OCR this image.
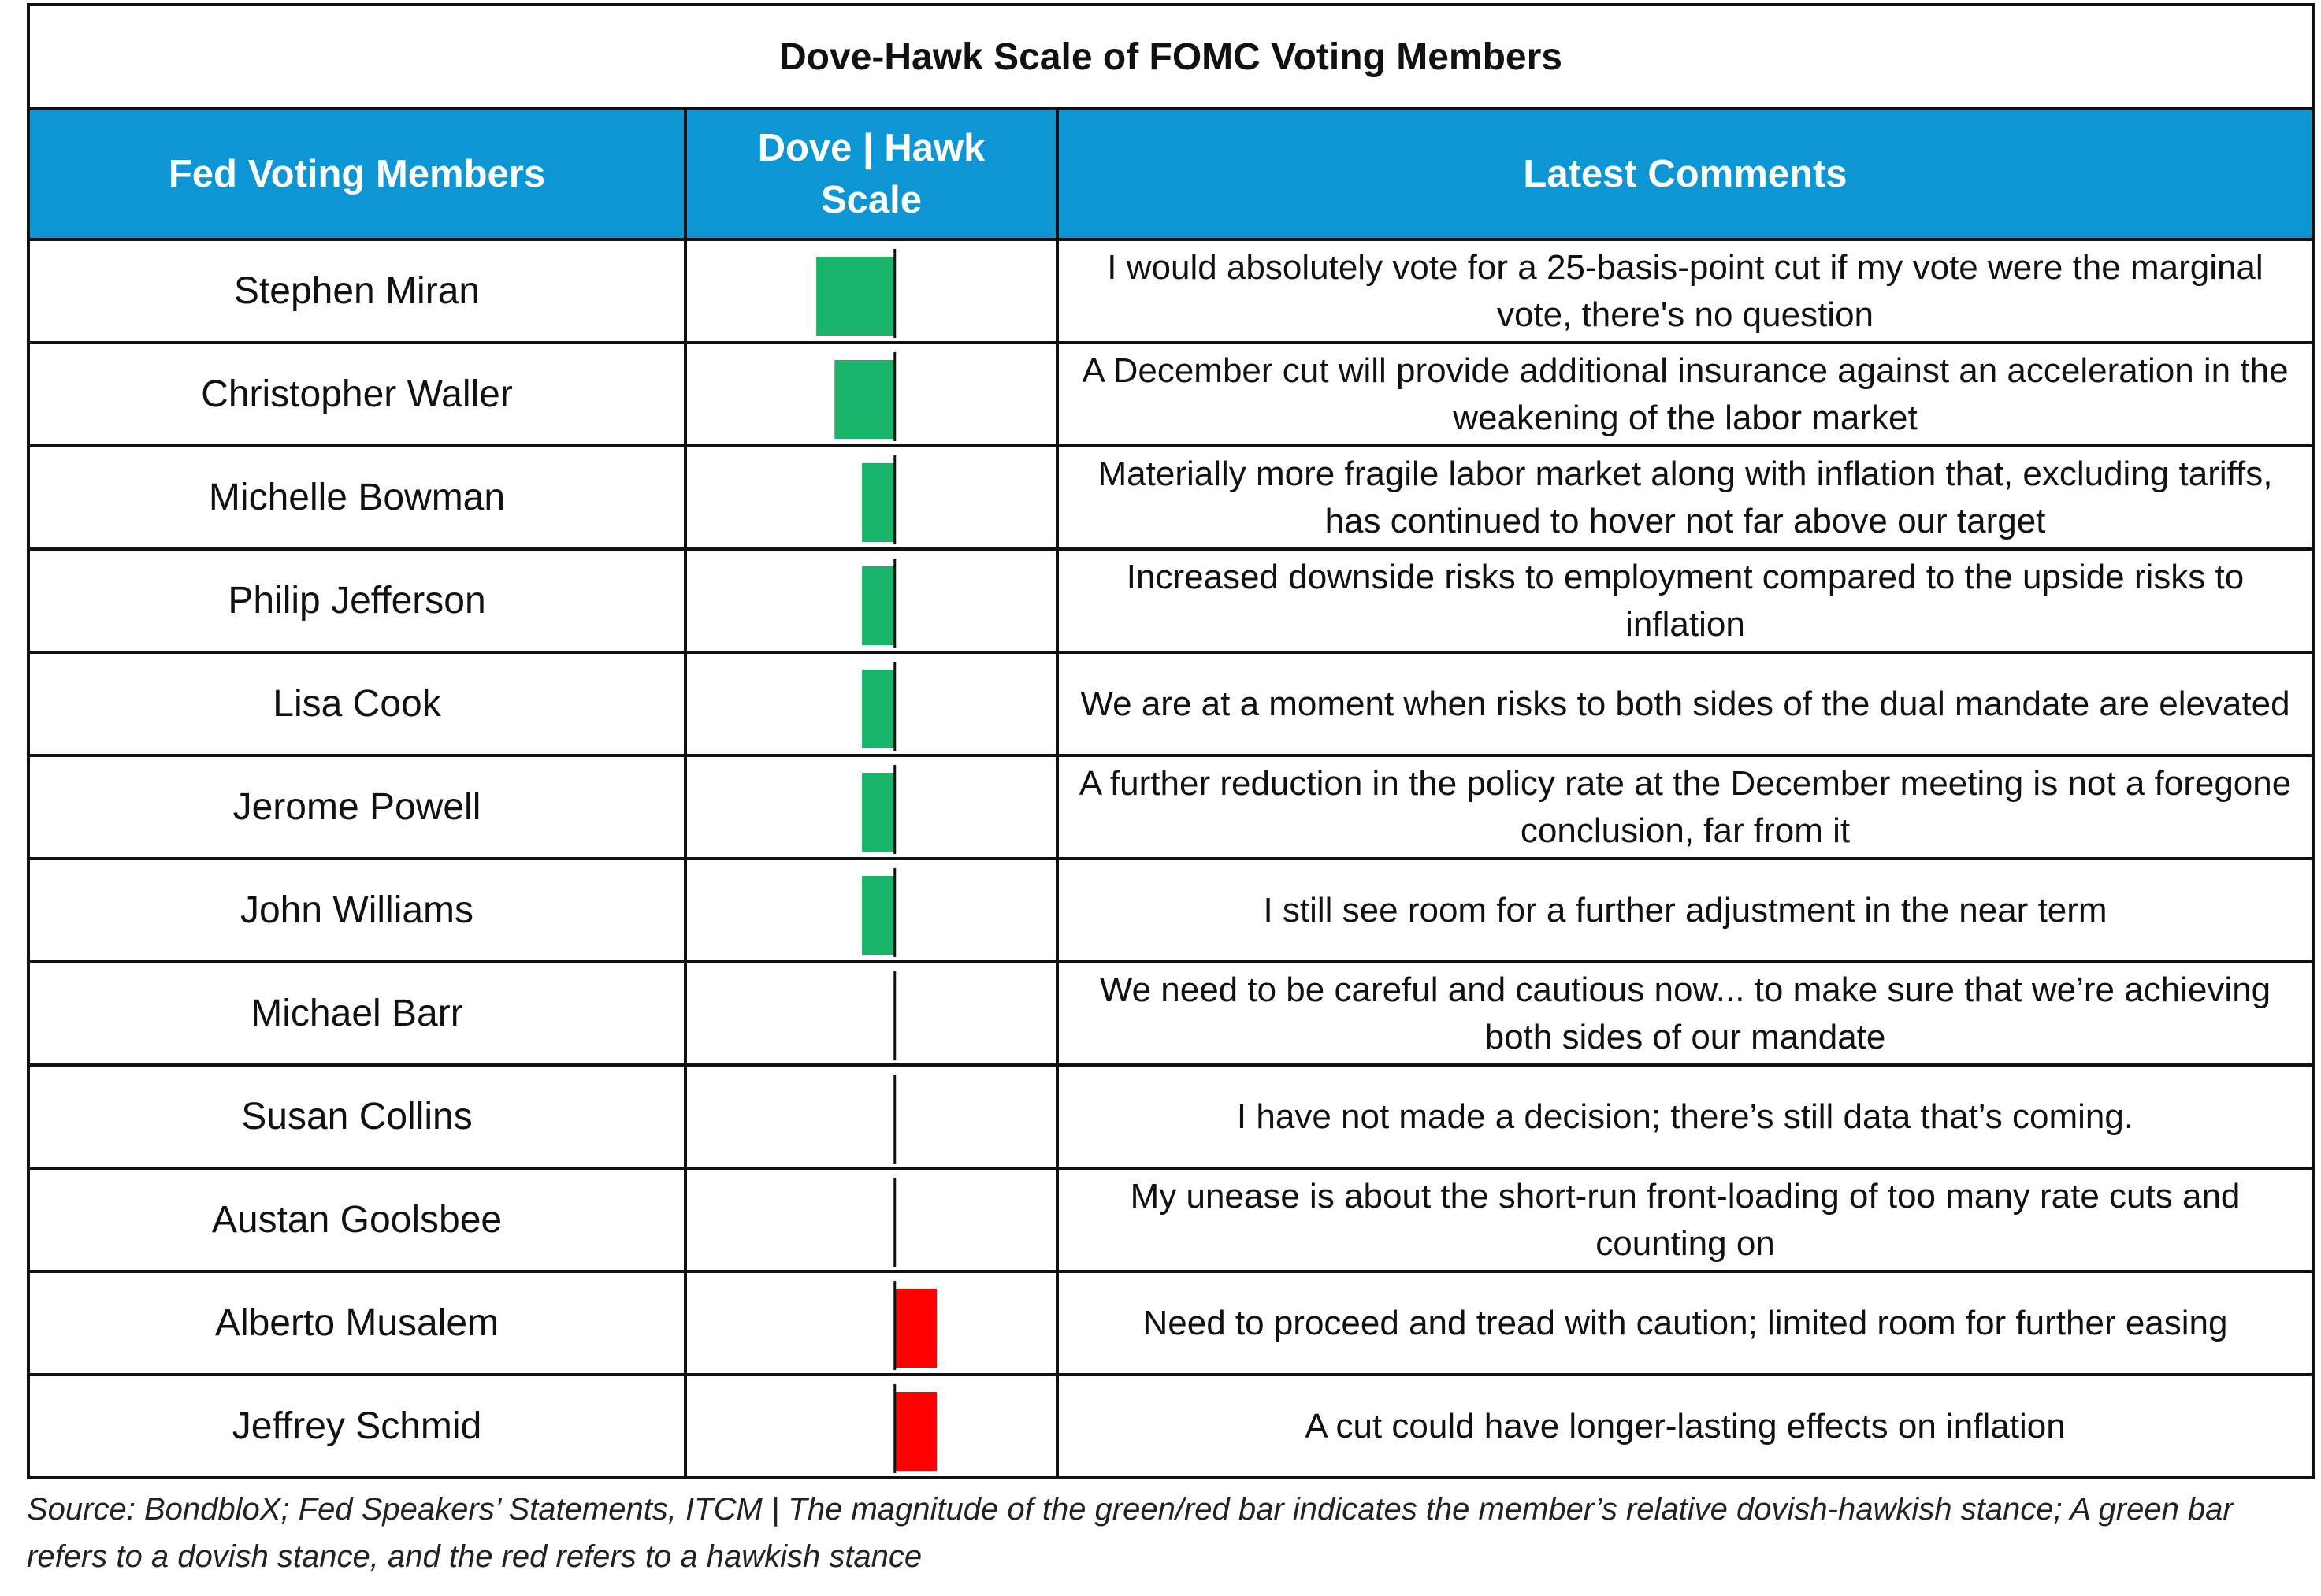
Dove-Hawk Scale of FOMC Voting Members		
Fed Voting Members	Dove | Hawk Scale	Latest Comments
Stephen Miran		I would absolutely vote for a 25-basis-point cut if my vote were the marginal vote, there's no question
Christopher Waller		A December cut will provide additional insurance against an acceleration in the weakening of the labor market
Michelle Bowman		Materially more fragile labor market along with inflation that, excluding tariffs, has continued to hover not far above our target
Philip Jefferson		Increased downside risks to employment compared to the upside risks to inflation
Lisa Cook		We are at a moment when risks to both sides of the dual mandate are elevated
Jerome Powell		A further reduction in the policy rate at the December meeting is not a foregone conclusion, far from it
John Williams		I still see room for a further adjustment in the near term
Michael Barr		We need to be careful and cautious now... to make sure that we’re achieving both sides of our mandate
Susan Collins		I have not made a decision; there’s still data that’s coming.
Austan Goolsbee		My unease is about the short-run front-loading of too many rate cuts and counting on
Alberto Musalem		Need to proceed and tread with caution; limited room for further easing
Jeffrey Schmid		A cut could have longer-lasting effects on inflation
Source: BondbloX; Fed Speakers’ Statements, ITCM | The magnitude of the green/red bar indicates the member’s relative dovish-hawkish stance; A green bar refers to a dovish stance, and the red refers to a hawkish stance
